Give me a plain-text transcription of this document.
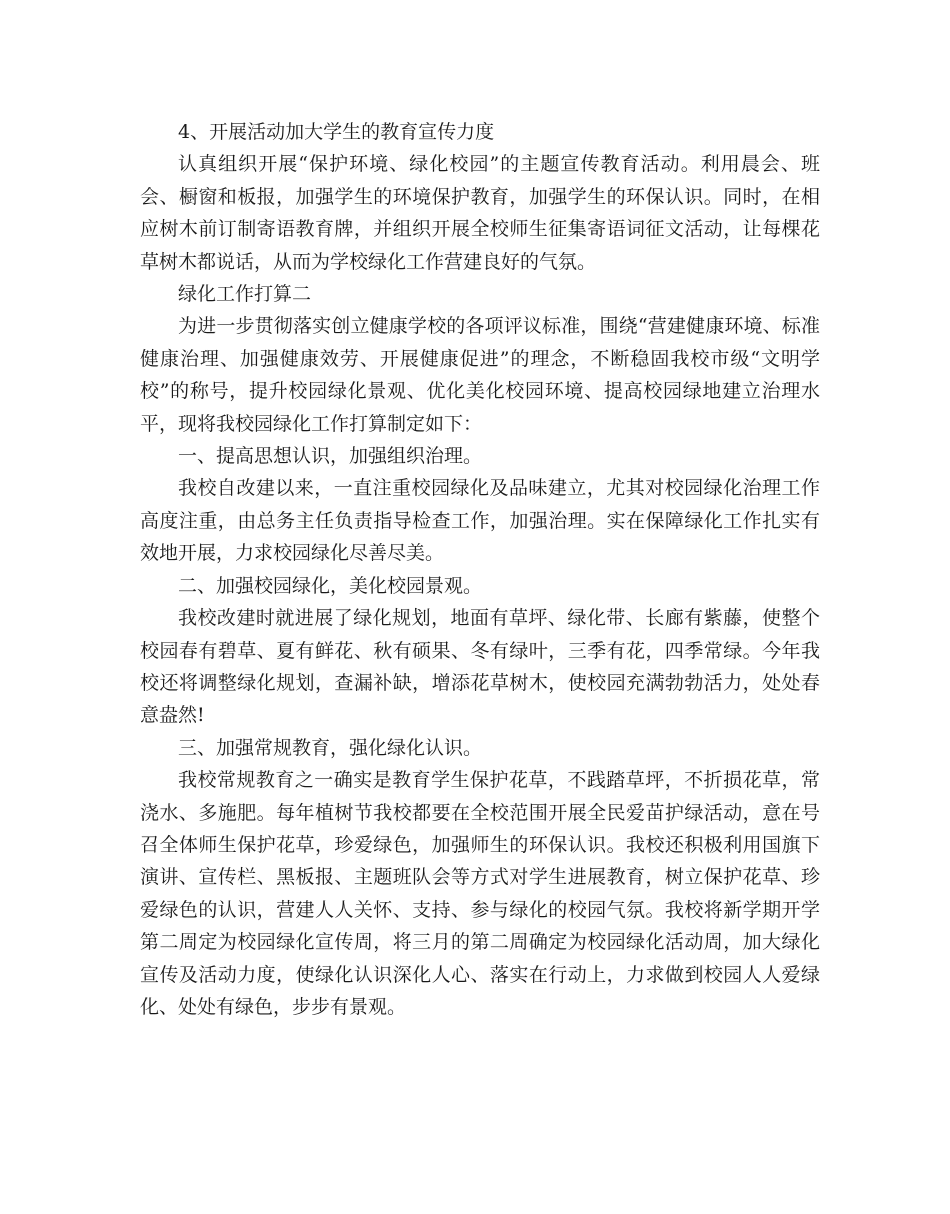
4、开展活动加大学生的教育宣传力度

认真组织开展“保护环境、绿化校园”的主题宣传教育活动。利用晨会、班会、橱窗和板报，加强学生的环境保护教育，加强学生的环保认识。同时，在相应树木前订制寄语教育牌，并组织开展全校师生征集寄语词征文活动，让每棵花草树木都说话，从而为学校绿化工作营建良好的气氛。

绿化工作打算二

为进一步贯彻落实创立健康学校的各项评议标准，围绕“营建健康环境、标准健康治理、加强健康效劳、开展健康促进”的理念，不断稳固我校市级“文明学校”的称号，提升校园绿化景观、优化美化校园环境、提高校园绿地建立治理水平，现将我校园绿化工作打算制定如下：

一、提高思想认识，加强组织治理。

我校自改建以来，一直注重校园绿化及品味建立，尤其对校园绿化治理工作高度注重，由总务主任负责指导检查工作，加强治理。实在保障绿化工作扎实有效地开展，力求校园绿化尽善尽美。

二、加强校园绿化，美化校园景观。

我校改建时就进展了绿化规划，地面有草坪、绿化带、长廊有紫藤，使整个校园春有碧草、夏有鲜花、秋有硕果、冬有绿叶，三季有花，四季常绿。今年我校还将调整绿化规划，查漏补缺，增添花草树木，使校园充满勃勃活力，处处春意盎然!

三、加强常规教育，强化绿化认识。

我校常规教育之一确实是教育学生保护花草，不践踏草坪，不折损花草，常浇水、多施肥。每年植树节我校都要在全校范围开展全民爱苗护绿活动，意在号召全体师生保护花草，珍爱绿色，加强师生的环保认识。我校还积极利用国旗下演讲、宣传栏、黑板报、主题班队会等方式对学生进展教育，树立保护花草、珍爱绿色的认识，营建人人关怀、支持、参与绿化的校园气氛。我校将新学期开学第二周定为校园绿化宣传周，将三月的第二周确定为校园绿化活动周，加大绿化宣传及活动力度，使绿化认识深化人心、落实在行动上，力求做到校园人人爱绿化、处处有绿色，步步有景观。
